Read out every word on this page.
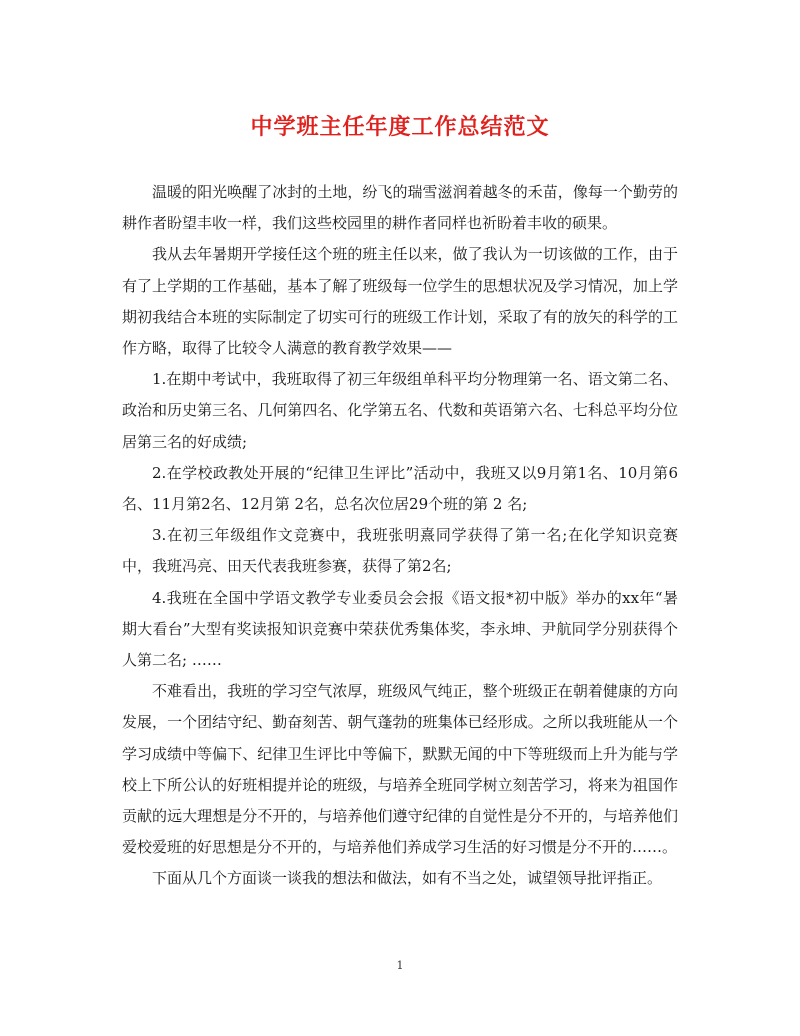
中学班主任年度工作总结范文

温暖的阳光唤醒了冰封的土地，纷飞的瑞雪滋润着越冬的禾苗，像每一个勤劳的耕作者盼望丰收一样，我们这些校园里的耕作者同样也祈盼着丰收的硕果。

我从去年暑期开学接任这个班的班主任以来，做了我认为一切该做的工作，由于有了上学期的工作基础，基本了解了班级每一位学生的思想状况及学习情况，加上学期初我结合本班的实际制定了切实可行的班级工作计划，采取了有的放矢的科学的工作方略，取得了比较令人满意的教育教学效果——

1.在期中考试中，我班取得了初三年级组单科平均分物理第一名、语文第二名、政治和历史第三名、几何第四名、化学第五名、代数和英语第六名、七科总平均分位居第三名的好成绩;

2.在学校政教处开展的“纪律卫生评比”活动中，我班又以9月第1名、10月第6名、11月第2名、12月第 2名，总名次位居29个班的第 2 名;

3.在初三年级组作文竞赛中，我班张明熹同学获得了第一名;在化学知识竞赛中，我班冯亮、田天代表我班参赛，获得了第2名;

4.我班在全国中学语文教学专业委员会会报《语文报*初中版》举办的xx年“暑期大看台”大型有奖读报知识竞赛中荣获优秀集体奖，李永坤、尹航同学分别获得个人第二名; ……

不难看出，我班的学习空气浓厚，班级风气纯正，整个班级正在朝着健康的方向发展，一个团结守纪、勤奋刻苦、朝气蓬勃的班集体已经形成。之所以我班能从一个学习成绩中等偏下、纪律卫生评比中等偏下，默默无闻的中下等班级而上升为能与学校上下所公认的好班相提并论的班级，与培养全班同学树立刻苦学习，将来为祖国作贡献的远大理想是分不开的，与培养他们遵守纪律的自觉性是分不开的，与培养他们爱校爱班的好思想是分不开的，与培养他们养成学习生活的好习惯是分不开的……。

下面从几个方面谈一谈我的想法和做法，如有不当之处，诚望领导批评指正。

1
